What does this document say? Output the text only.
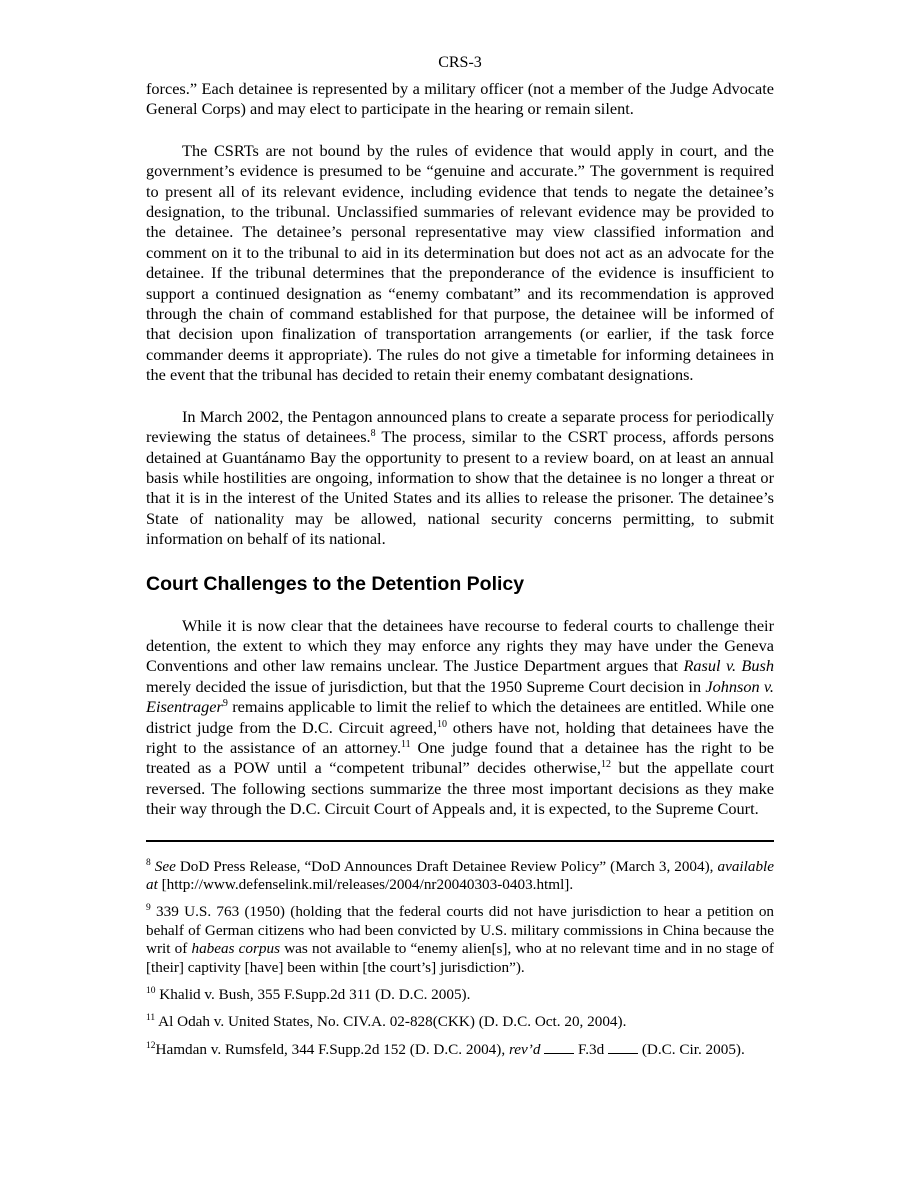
CRS-3

forces.” Each detainee is represented by a military officer (not a member of the Judge Advocate General Corps) and may elect to participate in the hearing or remain silent.

The CSRTs are not bound by the rules of evidence that would apply in court, and the government’s evidence is presumed to be “genuine and accurate.” The government is required to present all of its relevant evidence, including evidence that tends to negate the detainee’s designation, to the tribunal. Unclassified summaries of relevant evidence may be provided to the detainee. The detainee’s personal representative may view classified information and comment on it to the tribunal to aid in its determination but does not act as an advocate for the detainee. If the tribunal determines that the preponderance of the evidence is insufficient to support a continued designation as “enemy combatant” and its recommendation is approved through the chain of command established for that purpose, the detainee will be informed of that decision upon finalization of transportation arrangements (or earlier, if the task force commander deems it appropriate). The rules do not give a timetable for informing detainees in the event that the tribunal has decided to retain their enemy combatant designations.

In March 2002, the Pentagon announced plans to create a separate process for periodically reviewing the status of detainees.$^8$ The process, similar to the CSRT process, affords persons detained at Guantánamo Bay the opportunity to present to a review board, on at least an annual basis while hostilities are ongoing, information to show that the detainee is no longer a threat or that it is in the interest of the United States and its allies to release the prisoner. The detainee’s State of nationality may be allowed, national security concerns permitting, to submit information on behalf of its national.

Court Challenges to the Detention Policy

While it is now clear that the detainees have recourse to federal courts to challenge their detention, the extent to which they may enforce any rights they may have under the Geneva Conventions and other law remains unclear. The Justice Department argues that Rasul v. Bush merely decided the issue of jurisdiction, but that the 1950 Supreme Court decision in Johnson v. Eisentrager$^9$ remains applicable to limit the relief to which the detainees are entitled. While one district judge from the D.C. Circuit agreed,$^{10}$ others have not, holding that detainees have the right to the assistance of an attorney.$^{11}$ One judge found that a detainee has the right to be treated as a POW until a “competent tribunal” decides otherwise,$^{12}$ but the appellate court reversed. The following sections summarize the three most important decisions as they make their way through the D.C. Circuit Court of Appeals and, it is expected, to the Supreme Court.

$^8$ See DoD Press Release, “DoD Announces Draft Detainee Review Policy” (March 3, 2004), available at [http://www.defenselink.mil/releases/2004/nr20040303-0403.html].

$^9$ 339 U.S. 763 (1950) (holding that the federal courts did not have jurisdiction to hear a petition on behalf of German citizens who had been convicted by U.S. military commissions in China because the writ of habeas corpus was not available to “enemy alien[s], who at no relevant time and in no stage of [their] captivity [have] been within [the court’s] jurisdiction”).

$^{10}$ Khalid v. Bush, 355 F.Supp.2d 311 (D. D.C. 2005).

$^{11}$ Al Odah v. United States, No. CIV.A. 02-828(CKK) (D. D.C. Oct. 20, 2004).

$^{12}$Hamdan v. Rumsfeld, 344 F.Supp.2d 152 (D. D.C. 2004), rev’d  F.3d  (D.C. Cir. 2005).
